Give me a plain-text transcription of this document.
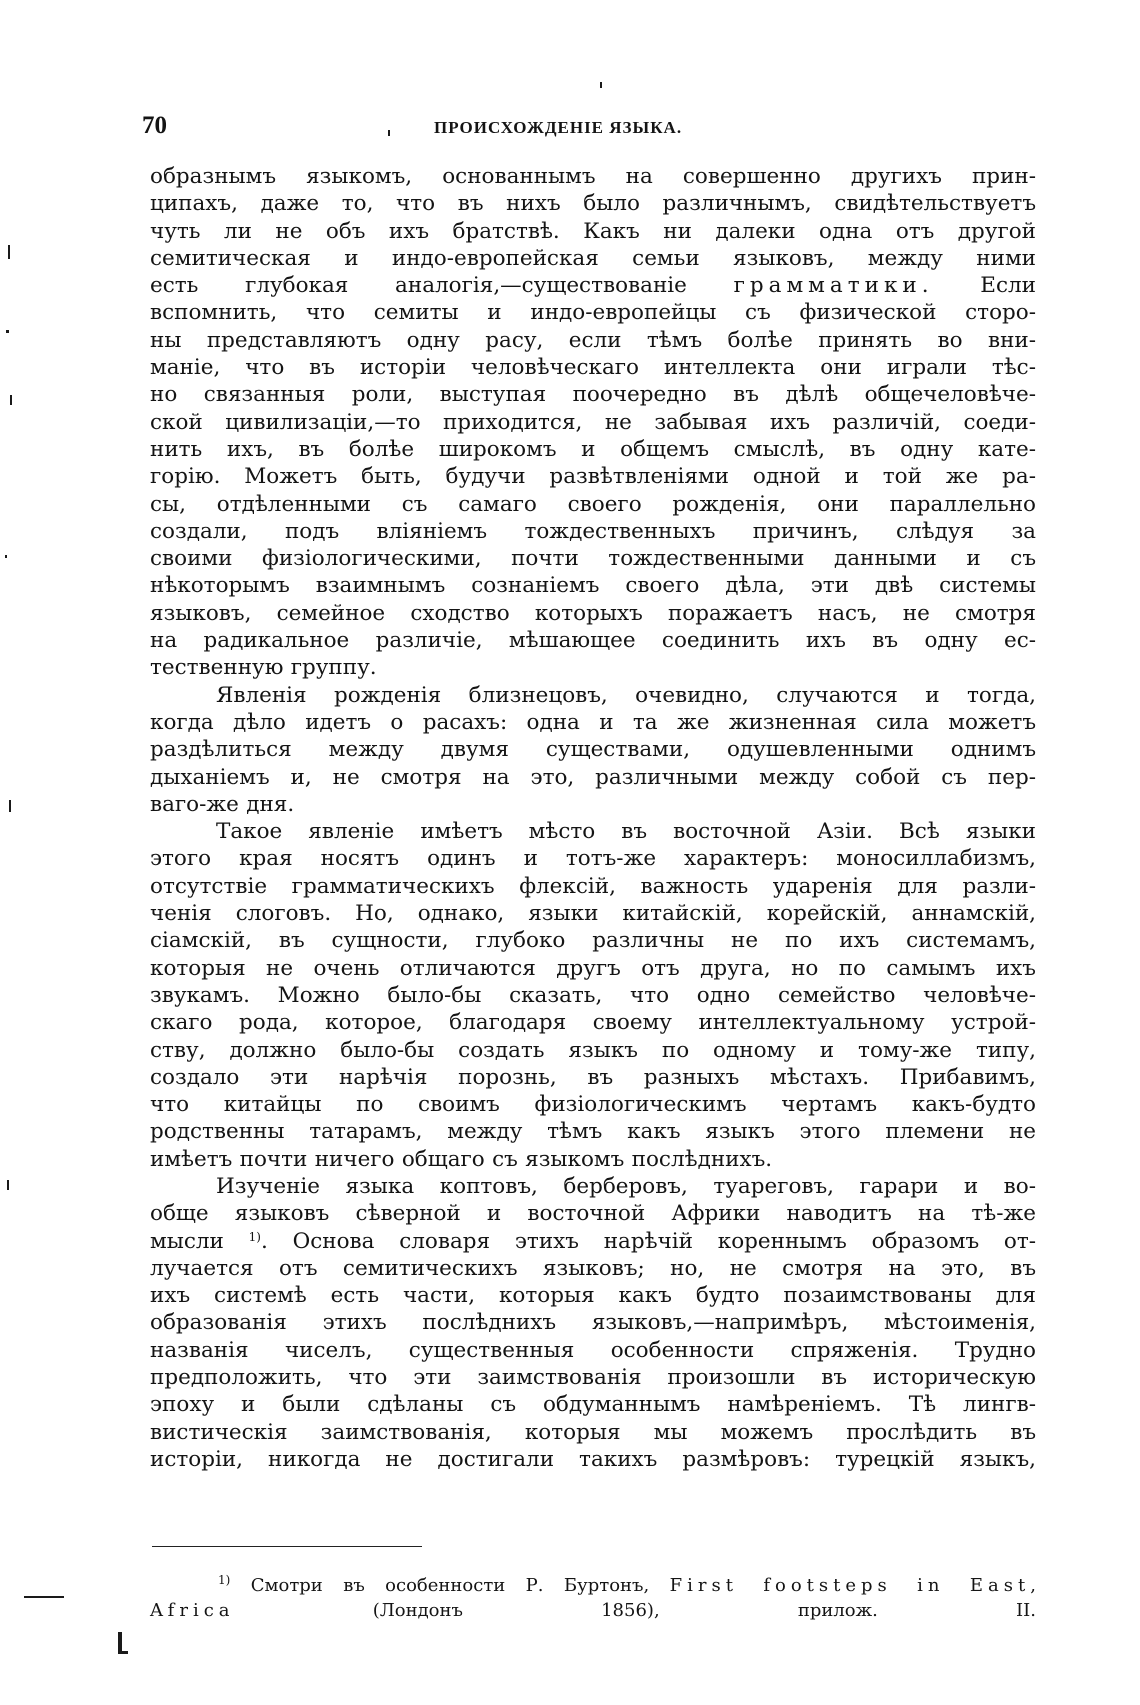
70	ПРОИСХОЖДЕНІЕ ЯЗЫКА.
образнымъ языкомъ, основаннымъ на совершенно другихъ прин-
ципахъ, даже то, что въ нихъ было различнымъ, свидѣтельствуетъ
чуть ли не объ ихъ братствѣ. Какъ ни далеки одна отъ другой
семитическая и индо-европейская семьи языковъ, между ними
есть глубокая аналогія,—существованіе грамматики. Если
вспомнить, что семиты и индо-европейцы съ физической сторо-
ны представляютъ одну расу, если тѣмъ болѣе принять во вни-
маніе, что въ исторіи человѣческаго интеллекта они играли тѣс-
но связанныя роли, выступая поочередно въ дѣлѣ общечеловѣче-
ской цивилизаціи,—то приходится, не забывая ихъ различій, соеди-
нить ихъ, въ болѣе широкомъ и общемъ смыслѣ, въ одну кате-
горію. Можетъ быть, будучи развѣтвленіями одной и той же ра-
сы, отдѣленными съ самаго своего рожденія, они параллельно
создали, подъ вліяніемъ тождественныхъ причинъ, слѣдуя за
своими физіологическими, почти тождественными данными и съ
нѣкоторымъ взаимнымъ сознаніемъ своего дѣла, эти двѣ системы
языковъ, семейное сходство которыхъ поражаетъ насъ, не смотря
на радикальное различіе, мѣшающее соединить ихъ въ одну ес-
тественную группу.
Явленія рожденія близнецовъ, очевидно, случаются и тогда,
когда дѣло идетъ о расахъ: одна и та же жизненная сила можетъ
раздѣлиться между двумя существами, одушевленными однимъ
дыханіемъ и, не смотря на это, различными между собой съ пер-
ваго-же дня.
Такое явленіе имѣетъ мѣсто въ восточной Азіи. Всѣ языки
этого края носятъ одинъ и тотъ-же характеръ: моносиллабизмъ,
отсутствіе грамматическихъ флексій, важность ударенія для разли-
ченія слоговъ. Но, однако, языки китайскій, корейскій, аннамскій,
сіамскій, въ сущности, глубоко различны не по ихъ системамъ,
которыя не очень отличаются другъ отъ друга, но по самымъ ихъ
звукамъ. Можно было-бы сказать, что одно семейство человѣче-
скаго рода, которое, благодаря своему интеллектуальному устрой-
ству, должно было-бы создать языкъ по одному и тому-же типу,
создало эти нарѣчія порознь, въ разныхъ мѣстахъ. Прибавимъ,
что китайцы по своимъ физіологическимъ чертамъ какъ-будто
родственны татарамъ, между тѣмъ какъ языкъ этого племени не
имѣетъ почти ничего общаго съ языкомъ послѣднихъ.
Изученіе языка коптовъ, берберовъ, туареговъ, гарари и во-
обще языковъ сѣверной и восточной Африки наводитъ на тѣ-же
мысли $^{1)}$. Основа словаря этихъ нарѣчій кореннымъ образомъ от-
лучается отъ семитическихъ языковъ; но, не смотря на это, въ
ихъ системѣ есть части, которыя какъ будто позаимствованы для
образованія этихъ послѣднихъ языковъ,—напримѣръ, мѣстоименія,
названія чиселъ, существенныя особенности спряженія. Трудно
предположить, что эти заимствованія произошли въ историческую
эпоху и были сдѣланы съ обдуманнымъ намѣреніемъ. Тѣ лингв-
вистическія заимствованія, которыя мы можемъ прослѣдить въ
исторіи, никогда не достигали такихъ размѣровъ: турецкій языкъ,
$^{1)}$ Смотри въ особенности Р. Буртонъ, First footsteps in East,
Africa	(Лондонъ 1856), прилож. II.
